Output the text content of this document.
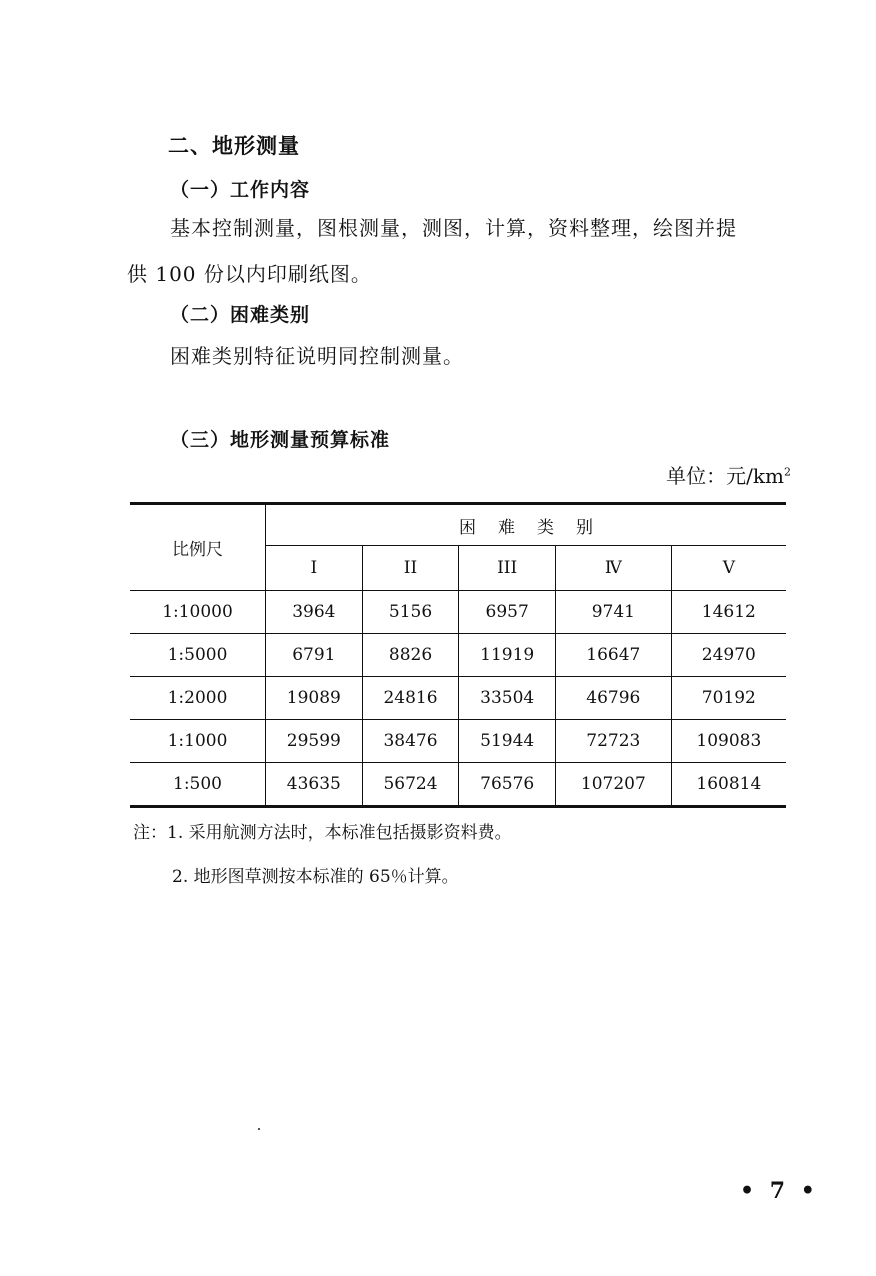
二、地形测量
（一）工作内容
基本控制测量，图根测量，测图，计算，资料整理，绘图并提
供 100 份以内印刷纸图。
（二）困难类别
困难类别特征说明同控制测量。
（三）地形测量预算标准
单位：元$/km^2$
比例尺	困难类别				
	I	II	III	Ⅳ	V
1:10000	3964	5156	6957	9741	14612
1:5000	6791	8826	11919	16647	24970
1:2000	19089	24816	33504	46796	70192
1:1000	29599	38476	51944	72723	109083
1:500	43635	56724	76576	107207	160814
注：1. 采用航测方法时，本标准包括摄影资料费。
2. 地形图草测按本标准的 65％计算。
• 7 •
